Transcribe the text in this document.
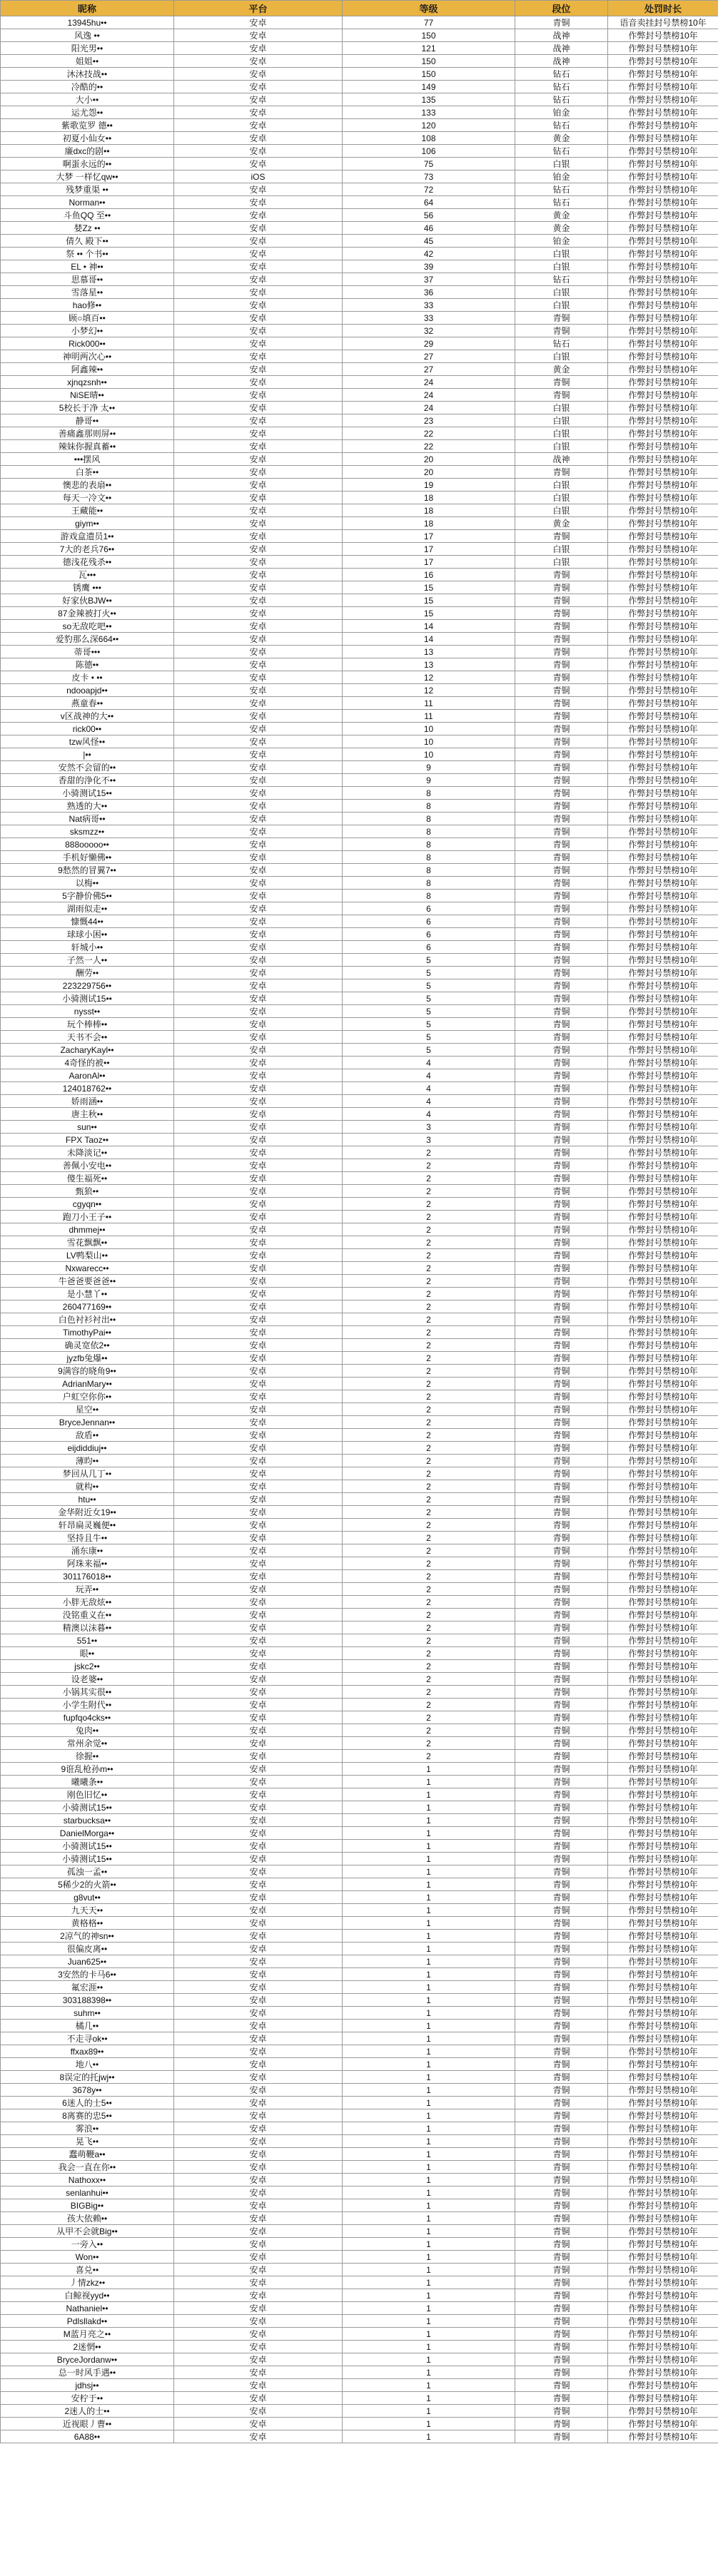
昵称	平台	等级	段位	处罚时长
13945hu••	安卓	77	青铜	语音卖挂封号禁榜10年
风逸 ••	安卓	150	战神	作弊封号禁榜10年
阳光男••	安卓	121	战神	作弊封号禁榜10年
姐姐••	安卓	150	战神	作弊封号禁榜10年
沐沐技战••	安卓	150	钻石	作弊封号禁榜10年
冷酷的••	安卓	149	钻石	作弊封号禁榜10年
大小••	安卓	135	钻石	作弊封号禁榜10年
运尤怨••	安卓	133	铂金	作弊封号禁榜10年
紫歌览罗 德••	安卓	120	钻石	作弊封号禁榜10年
初夏小仙女••	安卓	108	黄金	作弊封号禁榜10年
廉dxc的剧••	安卓	106	钻石	作弊封号禁榜10年
啊蛋永远的••	安卓	75	白银	作弊封号禁榜10年
大梦 一样忆qw••	iOS	73	铂金	作弊封号禁榜10年
残梦重渠 ••	安卓	72	钻石	作弊封号禁榜10年
Norman••	安卓	64	钻石	作弊封号禁榜10年
斗鱼QQ 至••	安卓	56	黄金	作弊封号禁榜10年
婪Zz ••	安卓	46	黄金	作弊封号禁榜10年
倩久 殿下••	安卓	45	铂金	作弊封号禁榜10年
祭 •• 个书••	安卓	42	白银	作弊封号禁榜10年
EL • 神••	安卓	39	白银	作弊封号禁榜10年
思慕哥••	安卓	37	钻石	作弊封号禁榜10年
雪落星••	安卓	36	白银	作弊封号禁榜10年
hao修••	安卓	33	白银	作弊封号禁榜10年
顾○填百••	安卓	33	青铜	作弊封号禁榜10年
小梦幻••	安卓	32	青铜	作弊封号禁榜10年
Rick000••	安卓	29	钻石	作弊封号禁榜10年
神明两次心••	安卓	27	白银	作弊封号禁榜10年
阿鑫辣••	安卓	27	黄金	作弊封号禁榜10年
xjnqzsnh••	安卓	24	青铜	作弊封号禁榜10年
NiSE晴••	安卓	24	青铜	作弊封号禁榜10年
5校长于净 太••	安卓	24	白银	作弊封号禁榜10年
静哥••	安卓	23	白银	作弊封号禁榜10年
善痛鑫那则屏••	安卓	22	白银	作弊封号禁榜10年
辣妹你握真蓄••	安卓	22	白银	作弊封号禁榜10年
•••摆风	安卓	20	战神	作弊封号禁榜10年
白茶••	安卓	20	青铜	作弊封号禁榜10年
懊悲的表扇••	安卓	19	白银	作弊封号禁榜10年
每天一冷文••	安卓	18	白银	作弊封号禁榜10年
王藏能••	安卓	18	白银	作弊封号禁榜10年
giym••	安卓	18	黄金	作弊封号禁榜10年
游戏盒遗员1••	安卓	17	青铜	作弊封号禁榜10年
7大的老兵76••	安卓	17	白银	作弊封号禁榜10年
德浅花残杀••	安卓	17	白银	作弊封号禁榜10年
瓦•••	安卓	16	青铜	作弊封号禁榜10年
锈鹰 •••	安卓	15	青铜	作弊封号禁榜10年
好家伙BJW••	安卓	15	青铜	作弊封号禁榜10年
87金辣被打火••	安卓	15	青铜	作弊封号禁榜10年
so无敌吃吧••	安卓	14	青铜	作弊封号禁榜10年
爱豹那么深664••	安卓	14	青铜	作弊封号禁榜10年
蒂哥•••	安卓	13	青铜	作弊封号禁榜10年
陈德••	安卓	13	青铜	作弊封号禁榜10年
皮卡 • ••	安卓	12	青铜	作弊封号禁榜10年
ndooapjd••	安卓	12	青铜	作弊封号禁榜10年
燕童春••	安卓	11	青铜	作弊封号禁榜10年
v区战神的大••	安卓	11	青铜	作弊封号禁榜10年
rick00••	安卓	10	青铜	作弊封号禁榜10年
tzw风怪••	安卓	10	青铜	作弊封号禁榜10年
|••	安卓	10	青铜	作弊封号禁榜10年
安然不会留的••	安卓	9	青铜	作弊封号禁榜10年
香甜的浄化不••	安卓	9	青铜	作弊封号禁榜10年
小骑测试15••	安卓	8	青铜	作弊封号禁榜10年
熟透的大••	安卓	8	青铜	作弊封号禁榜10年
Nat病哥••	安卓	8	青铜	作弊封号禁榜10年
sksmzz••	安卓	8	青铜	作弊封号禁榜10年
888ooooo••	安卓	8	青铜	作弊封号禁榜10年
手机好懒佛••	安卓	8	青铜	作弊封号禁榜10年
9愁然的冒翼7••	安卓	8	青铜	作弊封号禁榜10年
以梅••	安卓	8	青铜	作弊封号禁榜10年
5字静价佛5••	安卓	8	青铜	作弊封号禁榜10年
湖雨似走••	安卓	6	青铜	作弊封号禁榜10年
慷慨44••	安卓	6	青铜	作弊封号禁榜10年
球球小困••	安卓	6	青铜	作弊封号禁榜10年
轩城小••	安卓	6	青铜	作弊封号禁榜10年
子然一人••	安卓	5	青铜	作弊封号禁榜10年
酬劳••	安卓	5	青铜	作弊封号禁榜10年
223229756••	安卓	5	青铜	作弊封号禁榜10年
小骑测试15••	安卓	5	青铜	作弊封号禁榜10年
nysst••	安卓	5	青铜	作弊封号禁榜10年
玩个棒棒••	安卓	5	青铜	作弊封号禁榜10年
天书不会••	安卓	5	青铜	作弊封号禁榜10年
ZacharyKayl••	安卓	5	青铜	作弊封号禁榜10年
4奇怪的被••	安卓	4	青铜	作弊封号禁榜10年
AaronAl••	安卓	4	青铜	作弊封号禁榜10年
124018762••	安卓	4	青铜	作弊封号禁榜10年
娇雨涵••	安卓	4	青铜	作弊封号禁榜10年
唐主秋••	安卓	4	青铜	作弊封号禁榜10年
sun••	安卓	3	青铜	作弊封号禁榜10年
FPX Taoz••	安卓	3	青铜	作弊封号禁榜10年
未降淡记••	安卓	2	青铜	作弊封号禁榜10年
善佩小安电••	安卓	2	青铜	作弊封号禁榜10年
傻生福死••	安卓	2	青铜	作弊封号禁榜10年
甄狼••	安卓	2	青铜	作弊封号禁榜10年
cgyqn••	安卓	2	青铜	作弊封号禁榜10年
跑刀小王子••	安卓	2	青铜	作弊封号禁榜10年
dhmmej••	安卓	2	青铜	作弊封号禁榜10年
雪花飘飘••	安卓	2	青铜	作弊封号禁榜10年
LV鸭梨山••	安卓	2	青铜	作弊封号禁榜10年
Nxwarecc••	安卓	2	青铜	作弊封号禁榜10年
牛爸爸要爸爸••	安卓	2	青铜	作弊封号禁榜10年
是小慧丫••	安卓	2	青铜	作弊封号禁榜10年
260477169••	安卓	2	青铜	作弊封号禁榜10年
白色衬衫衬出••	安卓	2	青铜	作弊封号禁榜10年
TimothyPai••	安卓	2	青铜	作弊封号禁榜10年
确灵宽依2••	安卓	2	青铜	作弊封号禁榜10年
jyzfb兔爆••	安卓	2	青铜	作弊封号禁榜10年
9满容的晓角9••	安卓	2	青铜	作弊封号禁榜10年
AdrianMary••	安卓	2	青铜	作弊封号禁榜10年
户虹空你你••	安卓	2	青铜	作弊封号禁榜10年
星空••	安卓	2	青铜	作弊封号禁榜10年
BryceJennan••	安卓	2	青铜	作弊封号禁榜10年
敌盾••	安卓	2	青铜	作弊封号禁榜10年
eijdiddiuj••	安卓	2	青铜	作弊封号禁榜10年
薄昀••	安卓	2	青铜	作弊封号禁榜10年
梦回从几丁••	安卓	2	青铜	作弊封号禁榜10年
就构••	安卓	2	青铜	作弊封号禁榜10年
htu••	安卓	2	青铜	作弊封号禁榜10年
金华附近女19••	安卓	2	青铜	作弊封号禁榜10年
轩昂扁灵巍便••	安卓	2	青铜	作弊封号禁榜10年
坚持且牛••	安卓	2	青铜	作弊封号禁榜10年
涌东康••	安卓	2	青铜	作弊封号禁榜10年
阿珠来福••	安卓	2	青铜	作弊封号禁榜10年
301176018••	安卓	2	青铜	作弊封号禁榜10年
玩弄••	安卓	2	青铜	作弊封号禁榜10年
小胖无敌炫••	安卓	2	青铜	作弊封号禁榜10年
没铭重义在••	安卓	2	青铜	作弊封号禁榜10年
精澳以沫暮••	安卓	2	青铜	作弊封号禁榜10年
551••	安卓	2	青铜	作弊封号禁榜10年
眼••	安卓	2	青铜	作弊封号禁榜10年
jskc2••	安卓	2	青铜	作弊封号禁榜10年
设老婆••	安卓	2	青铜	作弊封号禁榜10年
小锅其实很••	安卓	2	青铜	作弊封号禁榜10年
小学生附代••	安卓	2	青铜	作弊封号禁榜10年
fupfqo4cks••	安卓	2	青铜	作弊封号禁榜10年
兔肉••	安卓	2	青铜	作弊封号禁榜10年
常州余觉••	安卓	2	青铜	作弊封号禁榜10年
徐握••	安卓	2	青铜	作弊封号禁榜10年
9诳乱枪孙m••	安卓	1	青铜	作弊封号禁榜10年
曦曦条••	安卓	1	青铜	作弊封号禁榜10年
刚色旧忆••	安卓	1	青铜	作弊封号禁榜10年
小骑测试15••	安卓	1	青铜	作弊封号禁榜10年
starbucksa••	安卓	1	青铜	作弊封号禁榜10年
DanielMorga••	安卓	1	青铜	作弊封号禁榜10年
小骑测试15••	安卓	1	青铜	作弊封号禁榜10年
小骑测试15••	安卓	1	青铜	作弊封号禁榜10年
孤浊一孟••	安卓	1	青铜	作弊封号禁榜10年
5稀少2的火箭••	安卓	1	青铜	作弊封号禁榜10年
g8vut••	安卓	1	青铜	作弊封号禁榜10年
九天天••	安卓	1	青铜	作弊封号禁榜10年
黄格格••	安卓	1	青铜	作弊封号禁榜10年
2凉气的神sn••	安卓	1	青铜	作弊封号禁榜10年
很偏皮离••	安卓	1	青铜	作弊封号禁榜10年
Juan625••	安卓	1	青铜	作弊封号禁榜10年
3安然的卡马6••	安卓	1	青铜	作弊封号禁榜10年
氟宏涯••	安卓	1	青铜	作弊封号禁榜10年
303188398••	安卓	1	青铜	作弊封号禁榜10年
suhm••	安卓	1	青铜	作弊封号禁榜10年
橘几••	安卓	1	青铜	作弊封号禁榜10年
不走寻ok••	安卓	1	青铜	作弊封号禁榜10年
ffxax89••	安卓	1	青铜	作弊封号禁榜10年
地八••	安卓	1	青铜	作弊封号禁榜10年
8误定的托jwj••	安卓	1	青铜	作弊封号禁榜10年
3678y••	安卓	1	青铜	作弊封号禁榜10年
6迷人的士5••	安卓	1	青铜	作弊封号禁榜10年
8离赛的忠5••	安卓	1	青铜	作弊封号禁榜10年
雾浪••	安卓	1	青铜	作弊封号禁榜10年
晃飞••	安卓	1	青铜	作弊封号禁榜10年
蠢萌鞭a••	安卓	1	青铜	作弊封号禁榜10年
我会一直在你••	安卓	1	青铜	作弊封号禁榜10年
Nathoxx••	安卓	1	青铜	作弊封号禁榜10年
senlanhui••	安卓	1	青铜	作弊封号禁榜10年
BIGBig••	安卓	1	青铜	作弊封号禁榜10年
孩大依赖••	安卓	1	青铜	作弊封号禁榜10年
从甲不会就Big••	安卓	1	青铜	作弊封号禁榜10年
一旁入••	安卓	1	青铜	作弊封号禁榜10年
Won••	安卓	1	青铜	作弊封号禁榜10年
喜兑••	安卓	1	青铜	作弊封号禁榜10年
丿情zkz••	安卓	1	青铜	作弊封号禁榜10年
白鲸视yyd••	安卓	1	青铜	作弊封号禁榜10年
Nathaniel••	安卓	1	青铜	作弊封号禁榜10年
Pdlsllakd••	安卓	1	青铜	作弊封号禁榜10年
M蓝月亮之••	安卓	1	青铜	作弊封号禁榜10年
2迷惘••	安卓	1	青铜	作弊封号禁榜10年
BryceJordanw••	安卓	1	青铜	作弊封号禁榜10年
总一时风手遇••	安卓	1	青铜	作弊封号禁榜10年
jdhsj••	安卓	1	青铜	作弊封号禁榜10年
安柠于••	安卓	1	青铜	作弊封号禁榜10年
2迷人的士••	安卓	1	青铜	作弊封号禁榜10年
近视眼丿曹••	安卓	1	青铜	作弊封号禁榜10年
6A88••	安卓	1	青铜	作弊封号禁榜10年
